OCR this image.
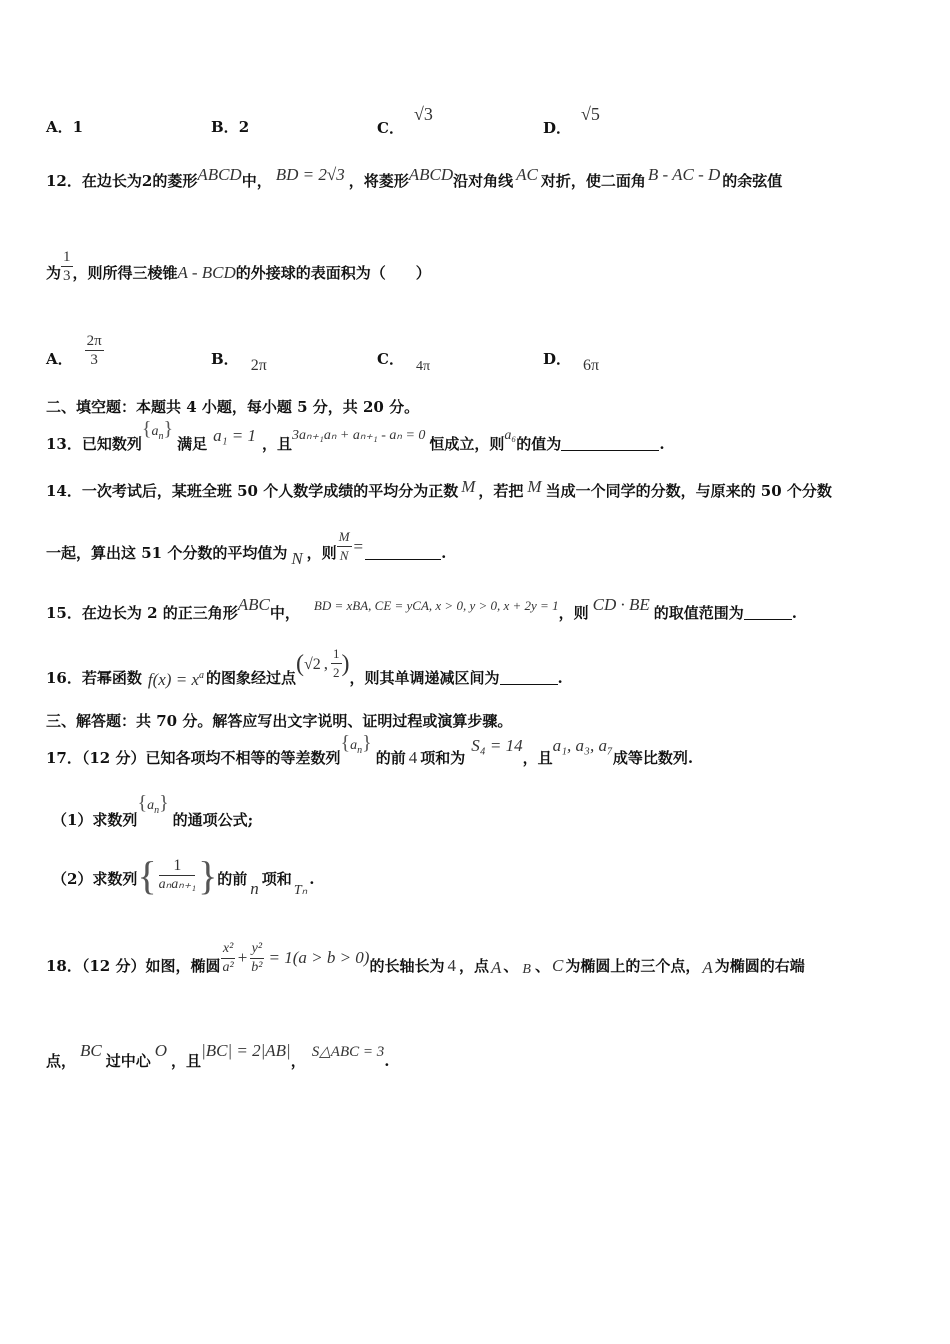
A．1	B．2	C．√3
D．√5
12．在边长为2的菱形ABCD中， BD = 2√3 ，将菱形ABCD沿对角线 AC 对折，使二面角 B - AC - D 的余弦值
为 $\frac{1}{3}$ ，则所得三棱锥A - BCD的外接球的表面积为（　　）
A． $\frac{2\pi}{3}$	B． 2π	C． 4π	D． 6π
二、填空题：本题共 4 小题，每小题 5 分，共 20 分。
13．已知数列$\{a_n\}$满足 a₁ = 1 ，且3aₙ₊₁aₙ + aₙ₊₁ - aₙ = 0 恒成立，则a₆的值为	.
14．一次考试后，某班全班 50 个人数学成绩的平均分为正数 M ，若把 M 当成一个同学的分数，与原来的 50 个分数
一起，算出这 51 个分数的平均值为 N ，则 $\frac{M}{N}$ =	.
15．在边长为 2 的正三角形ABC中， BD = xBA, CE = yCA, x > 0, y > 0, x + 2y = 1，则 CD · BE 的取值范围为	.
16．若幂函数 $f(x) = x^a$ 的图象经过点(√2 , $\frac{1}{2}$ )，则其单调递减区间为	.
三、解答题：共 70 分。解答应写出文字说明、证明过程或演算步骤。
17．（12 分）已知各项均不相等的等差数列$\{a_n\}$的前 4 项和为S₄ = 14，且a₁, a₃, a₇成等比数列.
（1）求数列$\{a_n\}$的通项公式;
（2）求数列{ $\frac{1}{\text{aₙaₙ₊₁}}$ }的前 n 项和Tₙ.
18．（12 分）如图，椭圆 $\frac{\text{x²}}{\text{a²}} + \frac{\text{y²}}{\text{b²}} = 1(a > b > 0)$的长轴长为 4 ，点 A 、 B 、 C 为椭圆上的三个点， A 为椭圆的右端
点，BC过中心O，且|BC| = 2|AB|， S△ABC = 3.
